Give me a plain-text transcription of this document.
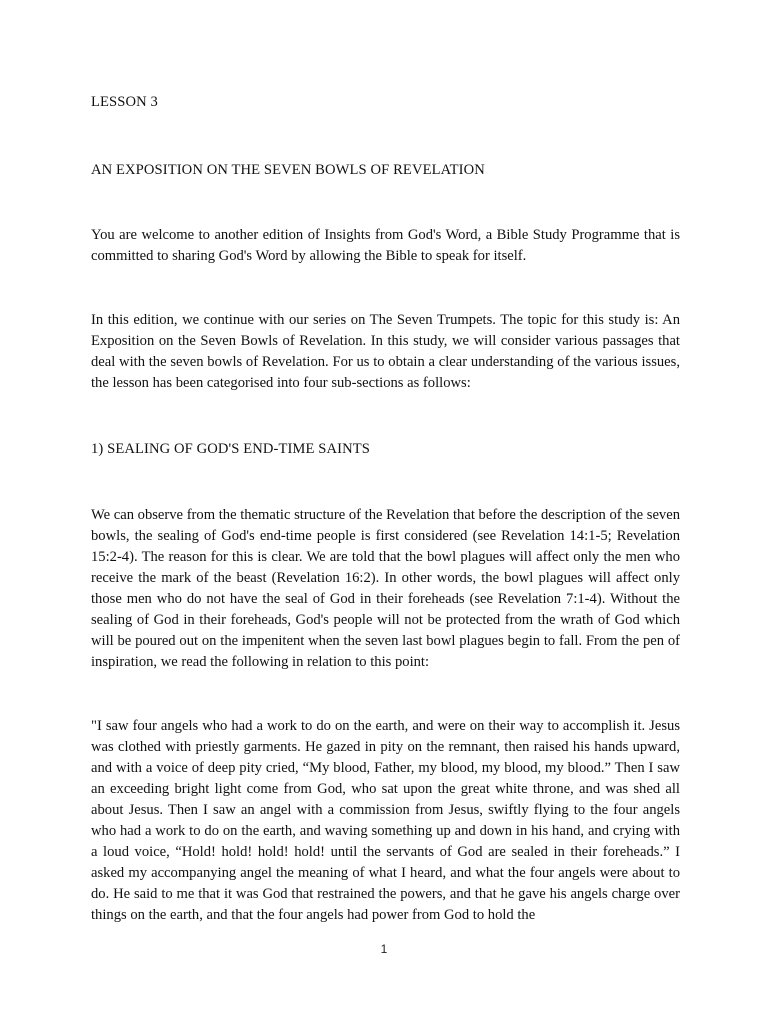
LESSON 3

AN EXPOSITION ON THE SEVEN BOWLS OF REVELATION

You are welcome to another edition of Insights from God's Word, a Bible Study Programme that is committed to sharing God's Word by allowing the Bible to speak for itself.

In this edition, we continue with our series on The Seven Trumpets. The topic for this study is: An Exposition on the Seven Bowls of Revelation. In this study, we will consider various passages that deal with the seven bowls of Revelation. For us to obtain a clear understanding of the various issues, the lesson has been categorised into four sub-sections as follows:

1) SEALING OF GOD'S END-TIME SAINTS

We can observe from the thematic structure of the Revelation that before the description of the seven bowls, the sealing of God's end-time people is first considered (see Revelation 14:1-5; Revelation 15:2-4). The reason for this is clear. We are told that the bowl plagues will affect only the men who receive the mark of the beast (Revelation 16:2). In other words, the bowl plagues will affect only those men who do not have the seal of God in their foreheads (see Revelation 7:1-4). Without the sealing of God in their foreheads, God's people will not be protected from the wrath of God which will be poured out on the impenitent when the seven last bowl plagues begin to fall. From the pen of inspiration, we read the following in relation to this point:

"I saw four angels who had a work to do on the earth, and were on their way to accomplish it. Jesus was clothed with priestly garments. He gazed in pity on the remnant, then raised his hands upward, and with a voice of deep pity cried, “My blood, Father, my blood, my blood, my blood.” Then I saw an exceeding bright light come from God, who sat upon the great white throne, and was shed all about Jesus. Then I saw an angel with a commission from Jesus, swiftly flying to the four angels who had a work to do on the earth, and waving something up and down in his hand, and crying with a loud voice, “Hold! hold! hold! hold! until the servants of God are sealed in their foreheads.” I asked my accompanying angel the meaning of what I heard, and what the four angels were about to do. He said to me that it was God that restrained the powers, and that he gave his angels charge over things on the earth, and that the four angels had power from God to hold the

1
